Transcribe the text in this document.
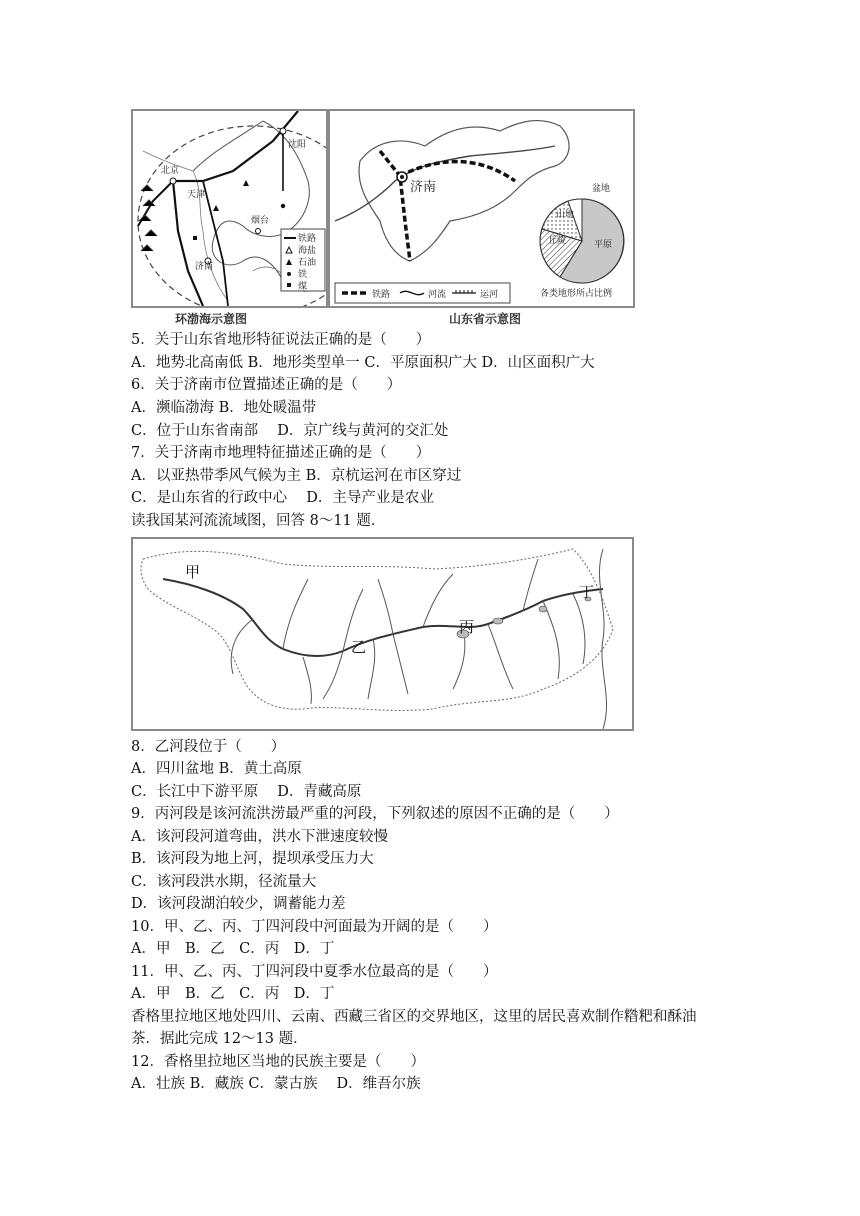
北京
沈阳
烟台
济南
天津
铁路
海盐
石油
铁
煤
环渤海示意图
济南
平原
丘陵
山地
盆地
各类地形所占比例
铁路	河流	运河
山东省示意图
5．关于山东省地形特征说法正确的是（　　）
A．地势北高南低 B．地形类型单一 C．平原面积广大 D．山区面积广大
6．关于济南市位置描述正确的是（　　）
A．濒临渤海 B．地处暖温带
C．位于山东省南部　 D．京广线与黄河的交汇处
7．关于济南市地理特征描述正确的是（　　）
A．以亚热带季风气候为主 B．京杭运河在市区穿过
C．是山东省的行政中心　 D．主导产业是农业
读我国某河流流域图，回答 8～11 题．
甲
乙
丙
丁
8．乙河段位于（　　）
A．四川盆地 B．黄土高原
C．长江中下游平原　 D．青藏高原
9．丙河段是该河流洪涝最严重的河段，下列叙述的原因不正确的是（　　）
A．该河段河道弯曲，洪水下泄速度较慢
B．该河段为地上河，提坝承受压力大
C．该河段洪水期，径流量大
D．该河段湖泊较少，调蓄能力差
10．甲、乙、丙、丁四河段中河面最为开阔的是（　　）
A．甲　B．乙　C．丙　D．丁
11．甲、乙、丙、丁四河段中夏季水位最高的是（　　）
A．甲　B．乙　C．丙　D．丁
香格里拉地区地处四川、云南、西藏三省区的交界地区，这里的居民喜欢制作糌粑和酥油
茶．据此完成 12～13 题．
12．香格里拉地区当地的民族主要是（　　）
A．壮族 B．藏族 C．蒙古族　 D．维吾尔族
